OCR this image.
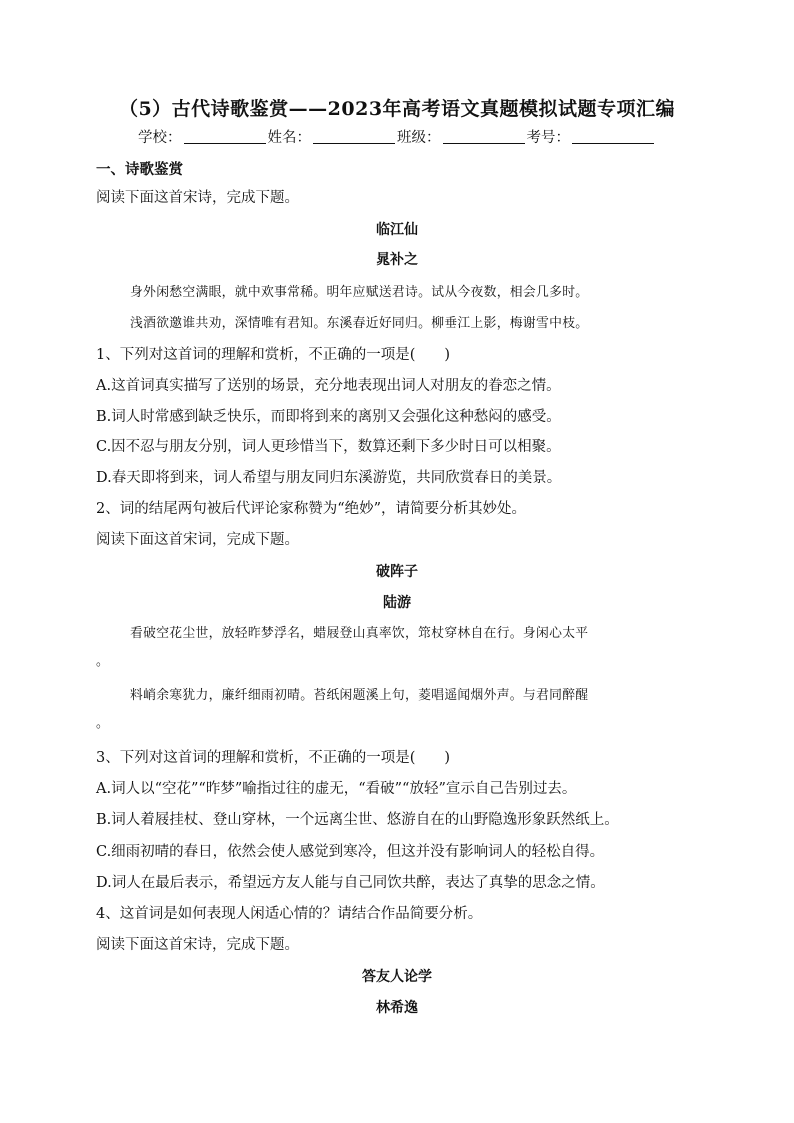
（5）古代诗歌鉴赏——2023年高考语文真题模拟试题专项汇编
学校：	姓名：	班级：	考号：
一、诗歌鉴赏
阅读下面这首宋诗，完成下题。
临江仙
晁补之
身外闲愁空满眼，就中欢事常稀。明年应赋送君诗。试从今夜数，相会几多时。
浅酒欲邀谁共劝，深情唯有君知。东溪春近好同归。柳垂江上影，梅谢雪中枝。
1、下列对这首词的理解和赏析，不正确的一项是(　　)
A.这首词真实描写了送别的场景，充分地表现出词人对朋友的眷恋之情。
B.词人时常感到缺乏快乐，而即将到来的离别又会强化这种愁闷的感受。
C.因不忍与朋友分别，词人更珍惜当下，数算还剩下多少时日可以相聚。
D.春天即将到来，词人希望与朋友同归东溪游览，共同欣赏春日的美景。
2、词的结尾两句被后代评论家称赞为“绝妙”，请简要分析其妙处。
阅读下面这首宋词，完成下题。
破阵子
陆游
看破空花尘世，放轻昨梦浮名，蜡屐登山真率饮，筇杖穿林自在行。身闲心太平
。
料峭余寒犹力，廉纤细雨初晴。苔纸闲题溪上句，菱唱遥闻烟外声。与君同醉醒
。
3、下列对这首词的理解和赏析，不正确的一项是(　　)
A.词人以“空花”“昨梦”喻指过往的虚无，“看破”“放轻”宣示自己告别过去。
B.词人着屐挂杖、登山穿林，一个远离尘世、悠游自在的山野隐逸形象跃然纸上。
C.细雨初晴的春日，依然会使人感觉到寒冷，但这并没有影响词人的轻松自得。
D.词人在最后表示，希望远方友人能与自己同饮共醉，表达了真挚的思念之情。
4、这首词是如何表现人闲适心情的？请结合作品简要分析。
阅读下面这首宋诗，完成下题。
答友人论学
林希逸
